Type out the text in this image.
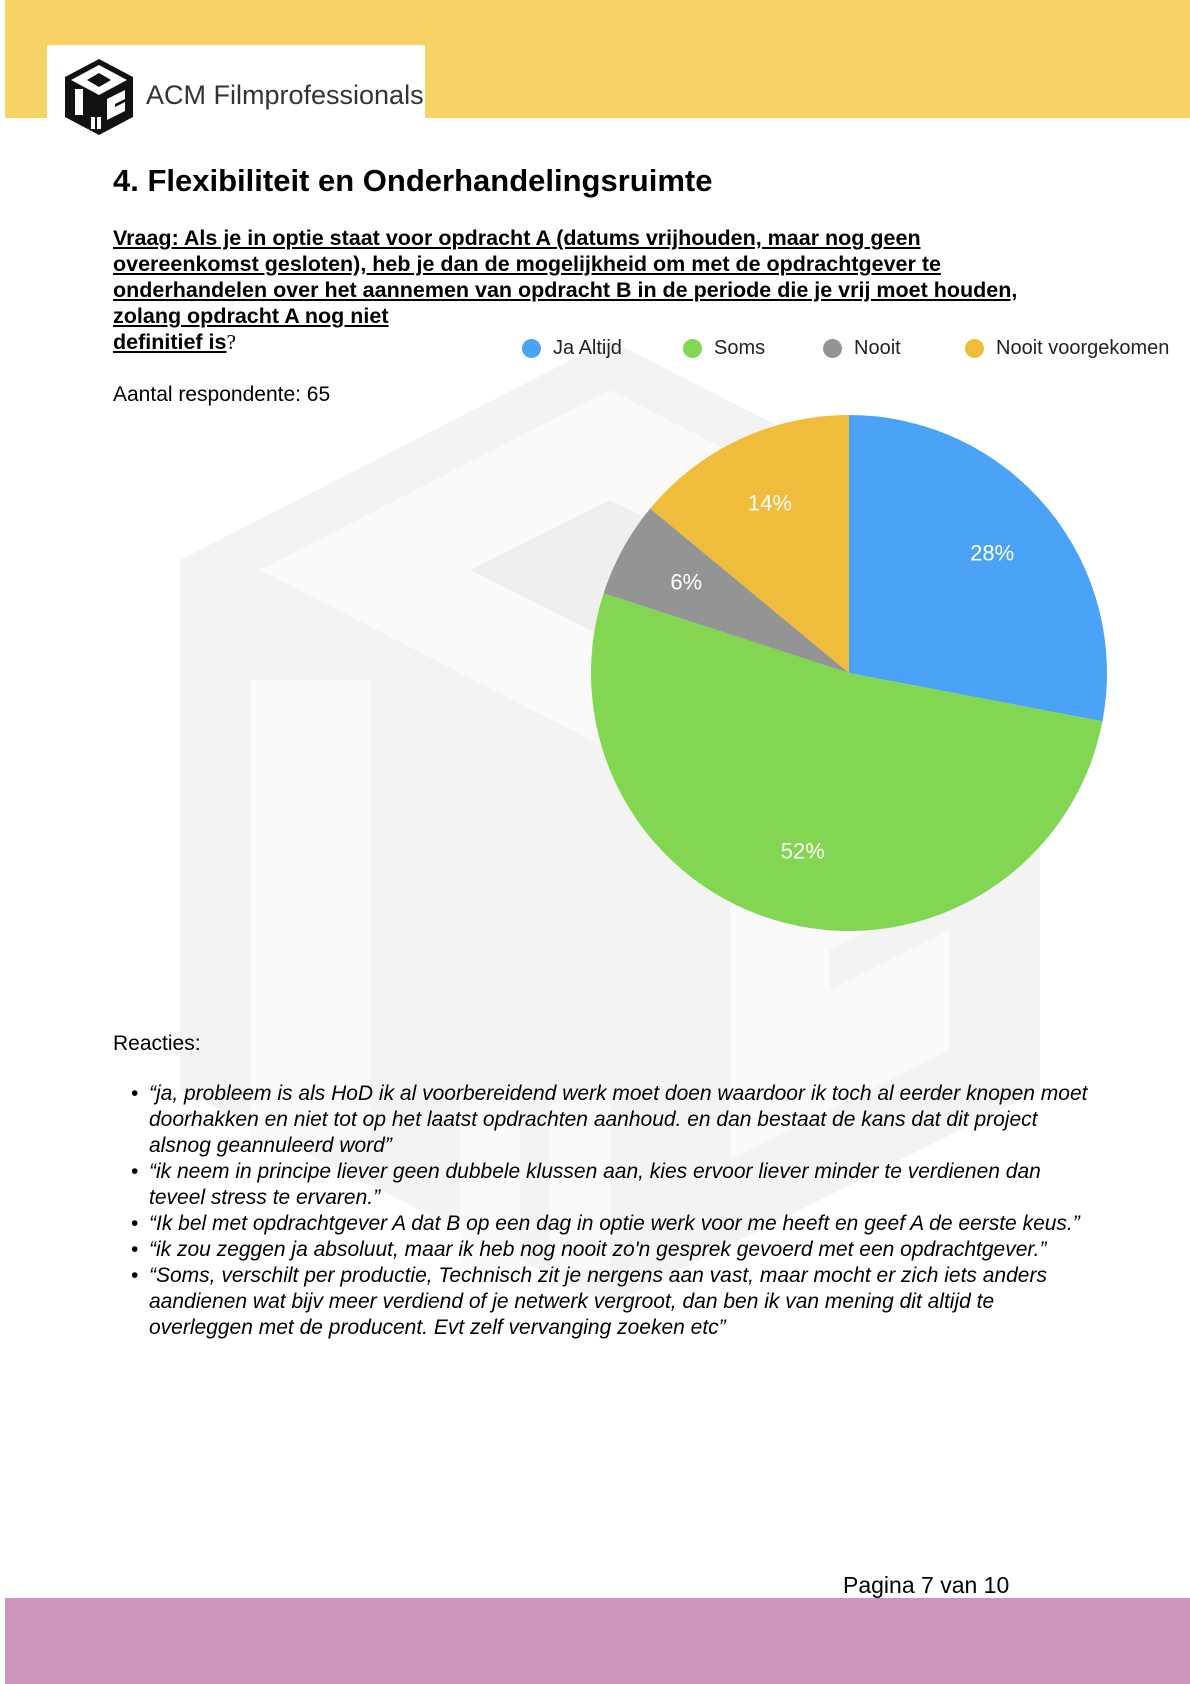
ACM Filmprofessionals
4. Flexibiliteit en Onderhandelingsruimte
Vraag: Als je in optie staat voor opdracht A (datums vrijhouden, maar nog geen
overeenkomst gesloten), heb je dan de mogelijkheid om met de opdrachtgever te
onderhandelen over het aannemen van opdracht B in de periode die je vrij moet houden,
zolang opdracht A nog niet
definitief is?
Aantal respondente: 65
Ja Altijd	Soms	Nooit	Nooit voorgekomen
28%
52%
6%
14%
Reacties:
• “ja, probleem is als HoD ik al voorbereidend werk moet doen waardoor ik toch al eerder knopen moet doorhakken en niet tot op het laatst opdrachten aanhoud. en dan bestaat de kans dat dit project alsnog geannuleerd word”
• “ik neem in principe liever geen dubbele klussen aan, kies ervoor liever minder te verdienen dan teveel stress te ervaren.”
• “Ik bel met opdrachtgever A dat B op een dag in optie werk voor me heeft en geef A de eerste keus.”
• “ik zou zeggen ja absoluut, maar ik heb nog nooit zo'n gesprek gevoerd met een opdrachtgever.”
• “Soms, verschilt per productie, Technisch zit je nergens aan vast, maar mocht er zich iets anders aandienen wat bijv meer verdiend of je netwerk vergroot, dan ben ik van mening dit altijd te overleggen met de producent. Evt zelf vervanging zoeken etc”
Pagina 7 van 10
